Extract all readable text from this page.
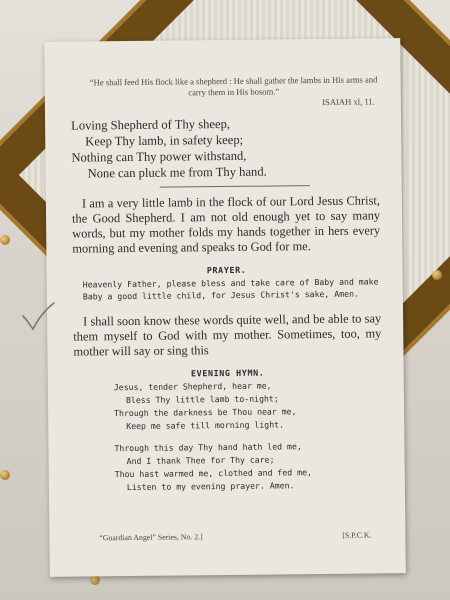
“He shall feed His flock like a shepherd : He shall gather the lambs in His arms and carry them in His bosom.”

ISAIAH xl, 11.

Loving Shepherd of Thy sheep,
Keep Thy lamb, in safety keep;
Nothing can Thy power withstand,
None can pluck me from Thy hand.

I am a very little lamb in the flock of our Lord Jesus Christ, the Good Shepherd. I am not old enough yet to say many words, but my mother folds my hands together in hers every morning and evening and speaks to God for me.

PRAYER.

Heavenly Father, please bless and take care of Baby and make Baby a good little child, for Jesus Christ's sake, Amen.

I shall soon know these words quite well, and be able to say them myself to God with my mother. Sometimes, too, my mother will say or sing this

EVENING HYMN.
Jesus, tender Shepherd, hear me,
Bless Thy little lamb to-night;
Through the darkness be Thou near me,
Keep me safe till morning light.
Through this day Thy hand hath led me,
And I thank Thee for Thy care;
Thou hast warmed me, clothed and fed me,
Listen to my evening prayer. Amen.
“Guardian Angel” Series, No. 2.]	[S.P.C.K.
